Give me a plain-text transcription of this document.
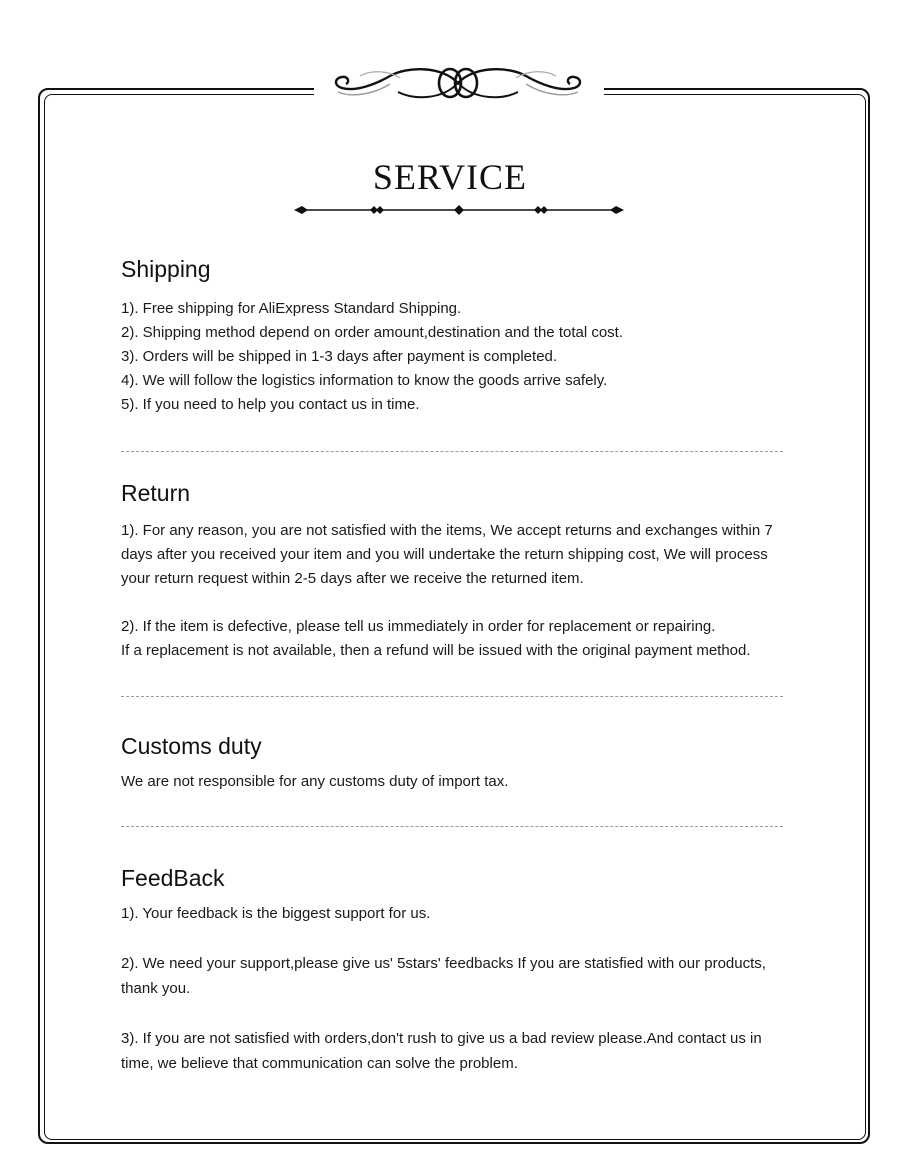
SERVICE
Shipping
1). Free shipping for AliExpress Standard Shipping.
2). Shipping method depend on order amount,destination and the total cost.
3). Orders will be shipped in 1-3 days after payment is completed.
4). We will follow the logistics information to know the goods arrive safely.
5). If you need to help you contact us in time.
Return
1). For any reason, you are not satisfied with the items, We accept returns and exchanges within 7
days after you received your item and you will undertake the return shipping cost, We will process
your return request within 2-5 days after we receive the returned item.
2). If the item is defective, please tell us immediately in order for replacement or repairing.
If a replacement is not available, then a refund will be issued with the original payment method.
Customs duty
We are not responsible for any customs duty of import tax.
FeedBack
1). Your feedback is the biggest support for us.
2). We need your support,please give us' 5stars' feedbacks If you are statisfied with our products,
thank you.
3). If you are not satisfied with orders,don't rush to give us a bad review please.And contact us in
time, we believe that communication can solve the problem.
